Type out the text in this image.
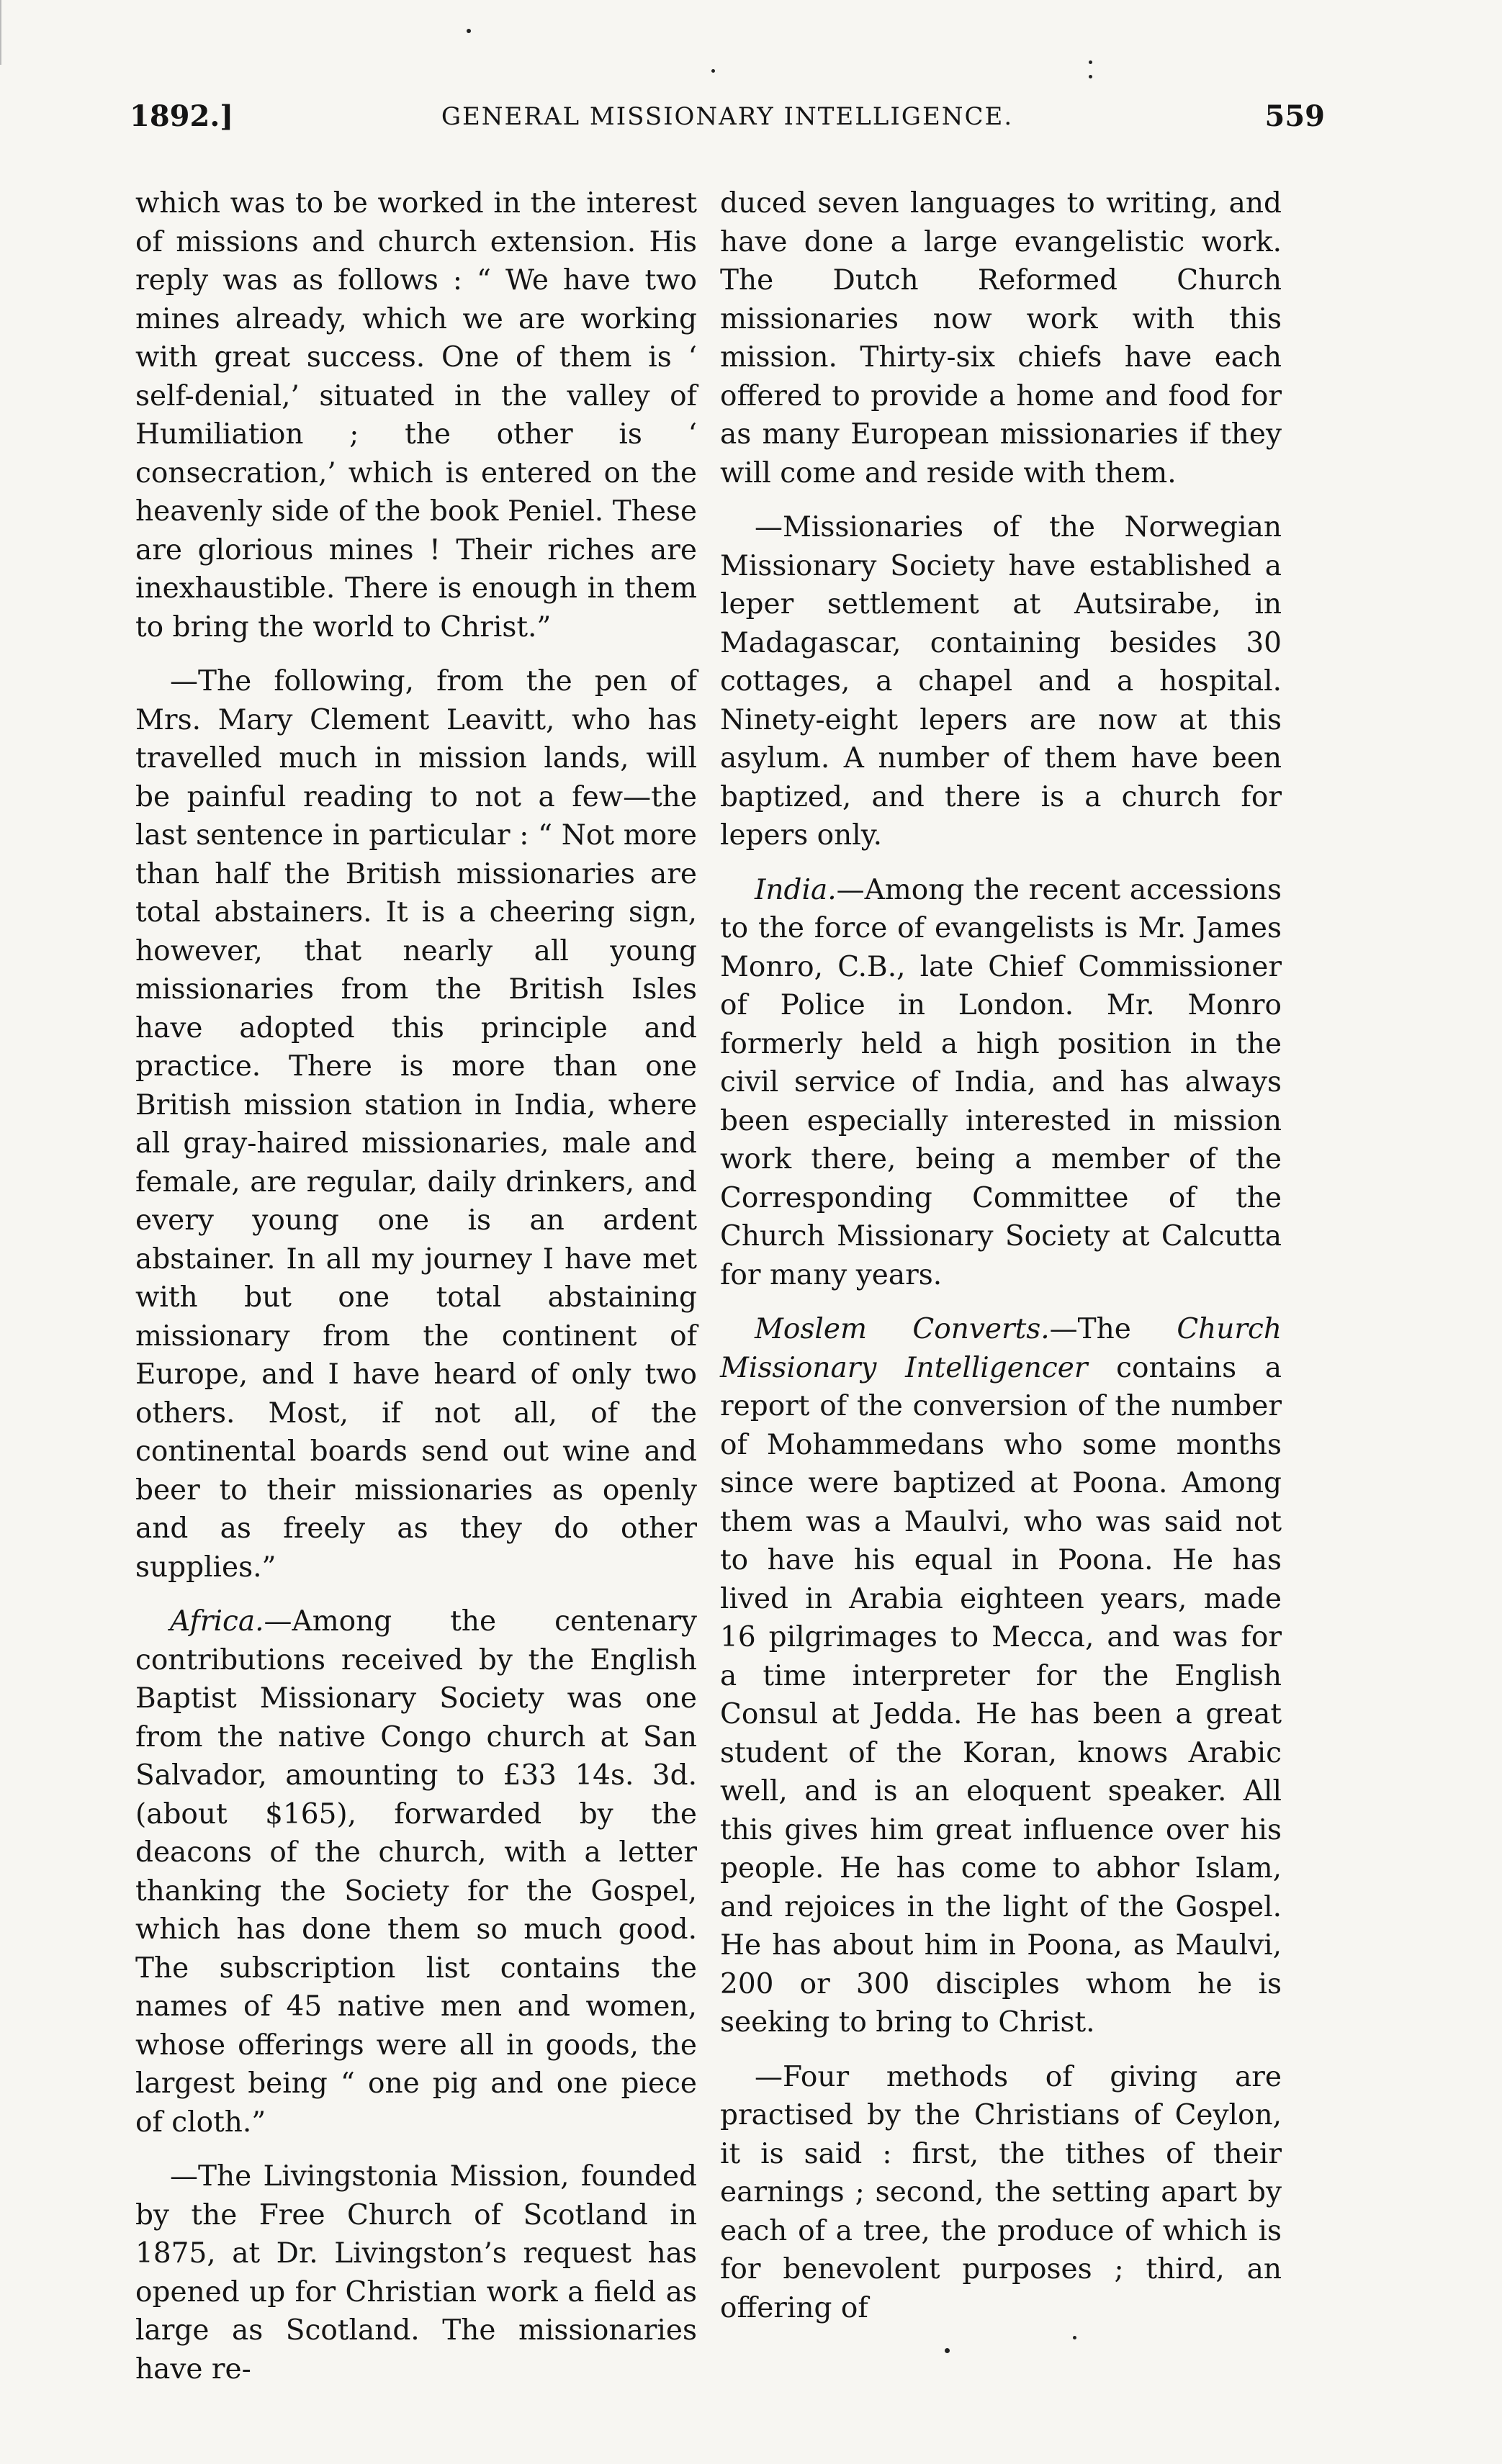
1892.]	GENERAL MISSIONARY INTELLIGENCE.	559

which was to be worked in the interest of missions and church extension. His reply was as follows : “ We have two mines already, which we are working with great success. One of them is ‘ self-denial,’ situated in the valley of Humiliation ; the other is ‘ consecration,’ which is entered on the heavenly side of the book Peniel. These are glorious mines ! Their riches are inexhaustible. There is enough in them to bring the world to Christ.”

—The following, from the pen of Mrs. Mary Clement Leavitt, who has travelled much in mission lands, will be painful reading to not a few—the last sentence in particular : “ Not more than half the British missionaries are total abstainers. It is a cheering sign, however, that nearly all young missionaries from the British Isles have adopted this principle and practice. There is more than one British mission station in India, where all gray-haired missionaries, male and female, are regular, daily drinkers, and every young one is an ardent abstainer. In all my journey I have met with but one total abstaining missionary from the continent of Europe, and I have heard of only two others. Most, if not all, of the continental boards send out wine and beer to their missionaries as openly and as freely as they do other supplies.”

Africa.—Among the centenary contributions received by the English Baptist Missionary Society was one from the native Congo church at San Salvador, amounting to £33 14s. 3d. (about $165), forwarded by the deacons of the church, with a letter thanking the Society for the Gospel, which has done them so much good. The subscription list contains the names of 45 native men and women, whose offerings were all in goods, the largest being “ one pig and one piece of cloth.”

—The Livingstonia Mission, founded by the Free Church of Scotland in 1875, at Dr. Livingston’s request has opened up for Christian work a field as large as Scotland. The missionaries have re-

duced seven languages to writing, and have done a large evangelistic work. The Dutch Reformed Church missionaries now work with this mission. Thirty-six chiefs have each offered to provide a home and food for as many European missionaries if they will come and reside with them.

—Missionaries of the Norwegian Missionary Society have established a leper settlement at Autsirabe, in Madagascar, containing besides 30 cottages, a chapel and a hospital. Ninety-eight lepers are now at this asylum. A number of them have been baptized, and there is a church for lepers only.

India.—Among the recent accessions to the force of evangelists is Mr. James Monro, C.B., late Chief Commissioner of Police in London. Mr. Monro formerly held a high position in the civil service of India, and has always been especially interested in mission work there, being a member of the Corresponding Committee of the Church Missionary Society at Calcutta for many years.

Moslem Converts.—The Church Missionary Intelligencer contains a report of the conversion of the number of Mohammedans who some months since were baptized at Poona. Among them was a Maulvi, who was said not to have his equal in Poona. He has lived in Arabia eighteen years, made 16 pilgrimages to Mecca, and was for a time interpreter for the English Consul at Jedda. He has been a great student of the Koran, knows Arabic well, and is an eloquent speaker. All this gives him great influence over his people. He has come to abhor Islam, and rejoices in the light of the Gospel. He has about him in Poona, as Maulvi, 200 or 300 disciples whom he is seeking to bring to Christ.

—Four methods of giving are practised by the Christians of Ceylon, it is said : first, the tithes of their earnings ; second, the setting apart by each of a tree, the produce of which is for benevolent purposes ; third, an offering of
